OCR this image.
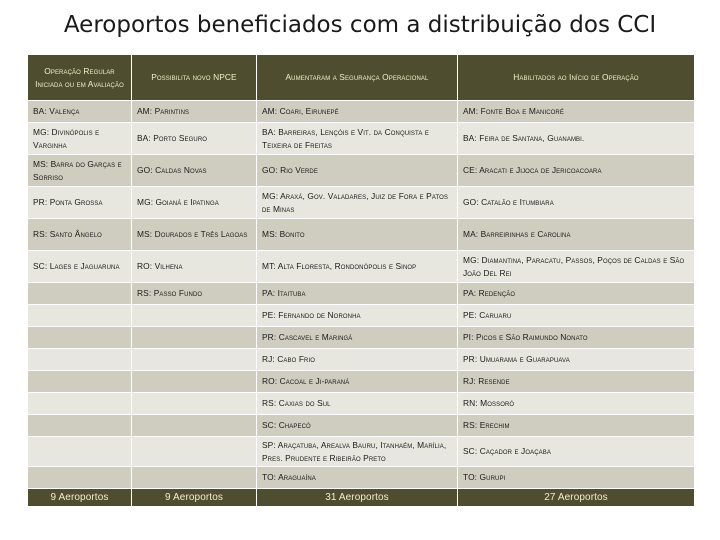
Aeroportos beneficiados com a distribuição dos CCI
Operação Regular Iniciada ou em Avaliação	Possibilita novo NPCE	Aumentaram a Segurança Operacional	Habilitados ao Início de Operação
BA: Valença	AM: Parintins	AM: Coari, Eirunepé	AM: Fonte Boa e Manicoré
MG: Divinópolis e Varginha	BA: Porto Seguro	BA: Barreiras, Lençóis e Vit. da Conquista e Teixeira de Freitas	BA: Feira de Santana, Guanambi.
MS: Barra do Garças e Sorriso	GO: Caldas Novas	GO: Rio Verde	CE: Aracati e Jijoca de Jericoacoara
PR: Ponta Grossa	MG: Goianá e Ipatinga	MG: Araxá, Gov. Valadares, Juiz de Fora e Patos de Minas	GO: Catalão e Itumbiara
RS: Santo Ângelo	MS: Dourados e Três Lagoas	MS: Bonito	MA: Barreirinhas e Carolina
SC: Lages e Jaguaruna	RO: Vilhena	MT: Alta Floresta, Rondonópolis e Sinop	MG: Diamantina, Paracatu, Passos, Poços de Caldas e São João Del Rei
	RS: Passo Fundo	PA: Itaituba	PA: Redenção
		PE: Fernando de Noronha	PE: Caruaru
		PR: Cascavel e Maringá	PI: Picos e São Raimundo Nonato
		RJ: Cabo Frio	PR: Umuarama e Guarapuava
		RO: Cacoal e Ji-paraná	RJ: Resende
		RS: Caxias do Sul	RN: Mossoró
		SC: Chapecó	RS: Erechim
		SP: Araçatuba, Arealva Bauru, Itanhaém, Marília, Pres. Prudente e Ribeirão Preto	SC: Caçador e Joaçaba
		TO: Araguaína	TO: Gurupi
9 Aeroportos	9 Aeroportos	31 Aeroportos	27 Aeroportos
